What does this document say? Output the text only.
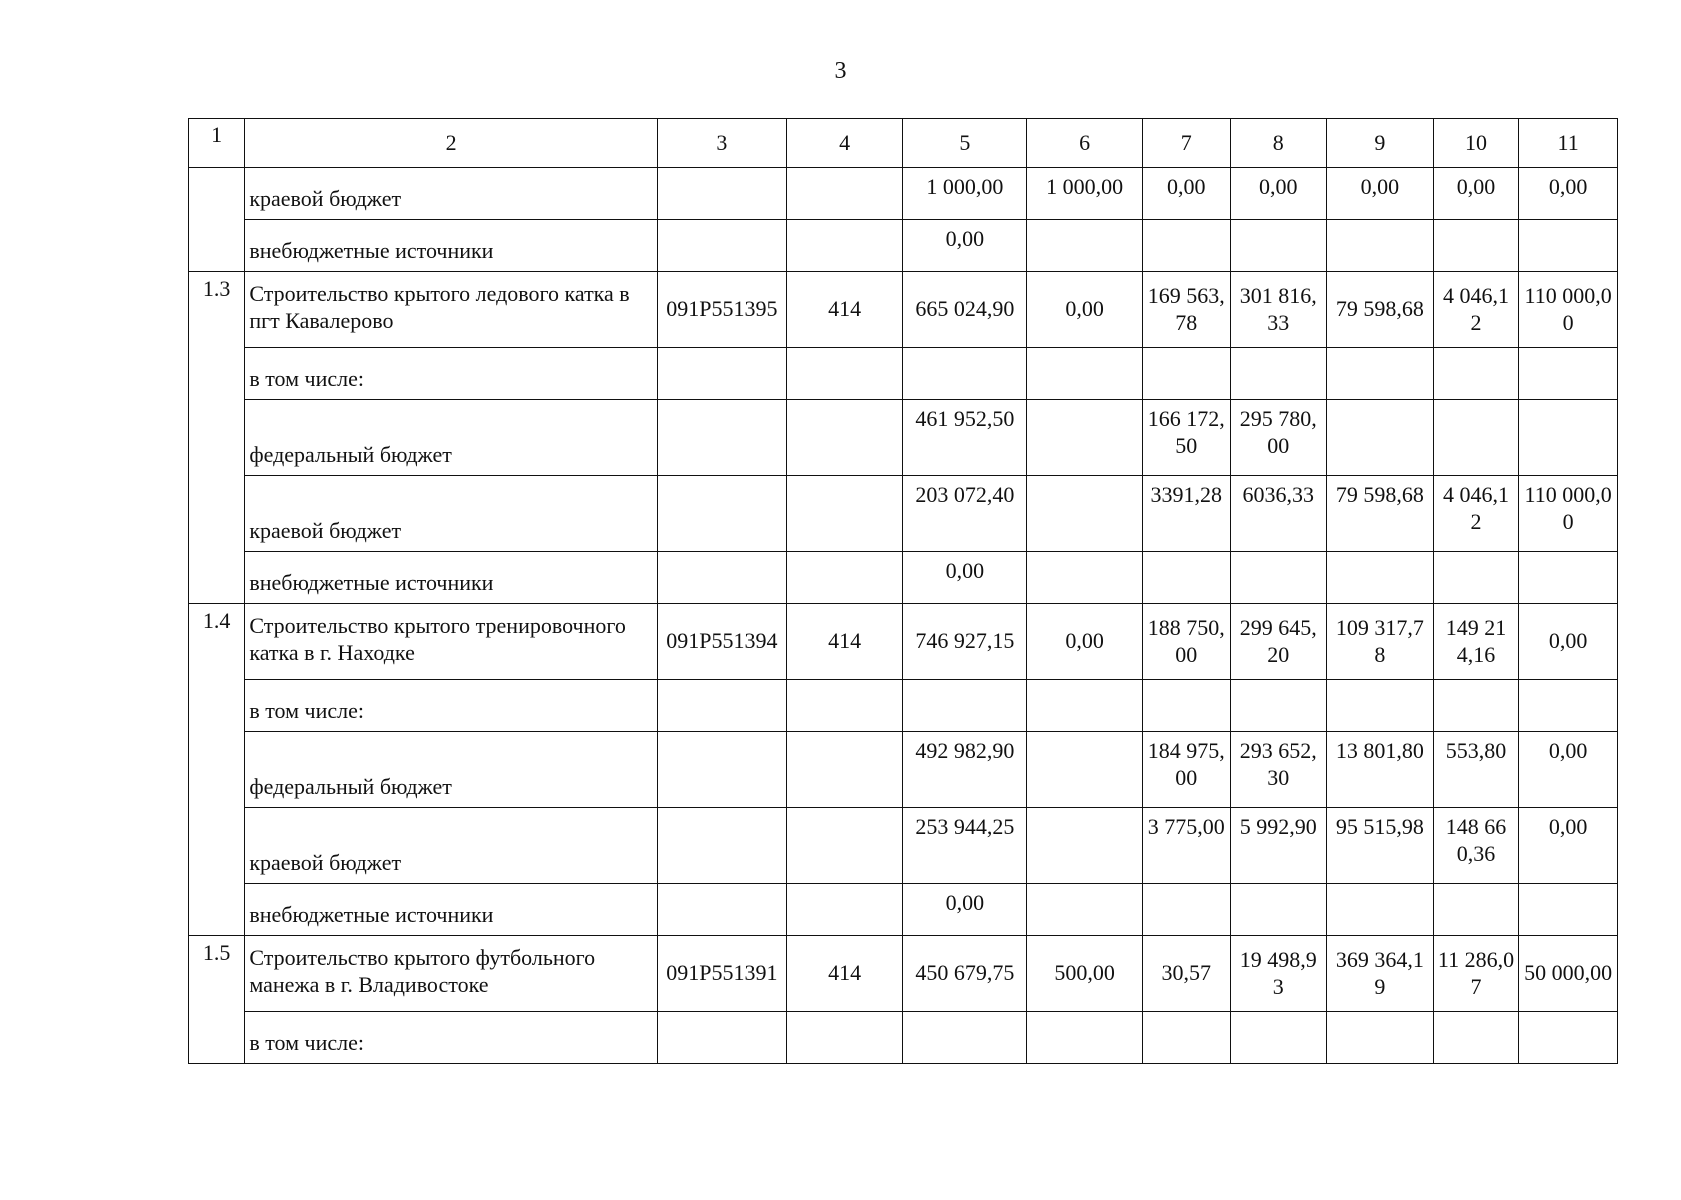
3
1	2	3	4	5	6	7	8	9	10	11
	краевой бюджет			1 000,00	1 000,00	0,00	0,00	0,00	0,00	0,00
	внебюджетные источники			0,00						
1.3	Строительство крытого ледового катка в пгт Кавалерово	091Р551395	414	665 024,90	0,00	169 563,78	301 816,33	79 598,68	4 046,12	110 000,00
	в том числе:									
	федеральный бюджет			461 952,50		166 172,50	295 780,00			
	краевой бюджет			203 072,40		3391,28	6036,33	79 598,68	4 046,12	110 000,00
	внебюджетные источники			0,00						
1.4	Строительство крытого тренировочного катка в г. Находке	091Р551394	414	746 927,15	0,00	188 750,00	299 645,20	109 317,78	149 214,16	0,00
	в том числе:									
	федеральный бюджет			492 982,90		184 975,00	293 652,30	13 801,80	553,80	0,00
	краевой бюджет			253 944,25		3 775,00	5 992,90	95 515,98	148 660,36	0,00
	внебюджетные источники			0,00						
1.5	Строительство крытого футбольного манежа в г. Владивостоке	091Р551391	414	450 679,75	500,00	30,57	19 498,93	369 364,19	11 286,07	50 000,00
	в том числе:									
